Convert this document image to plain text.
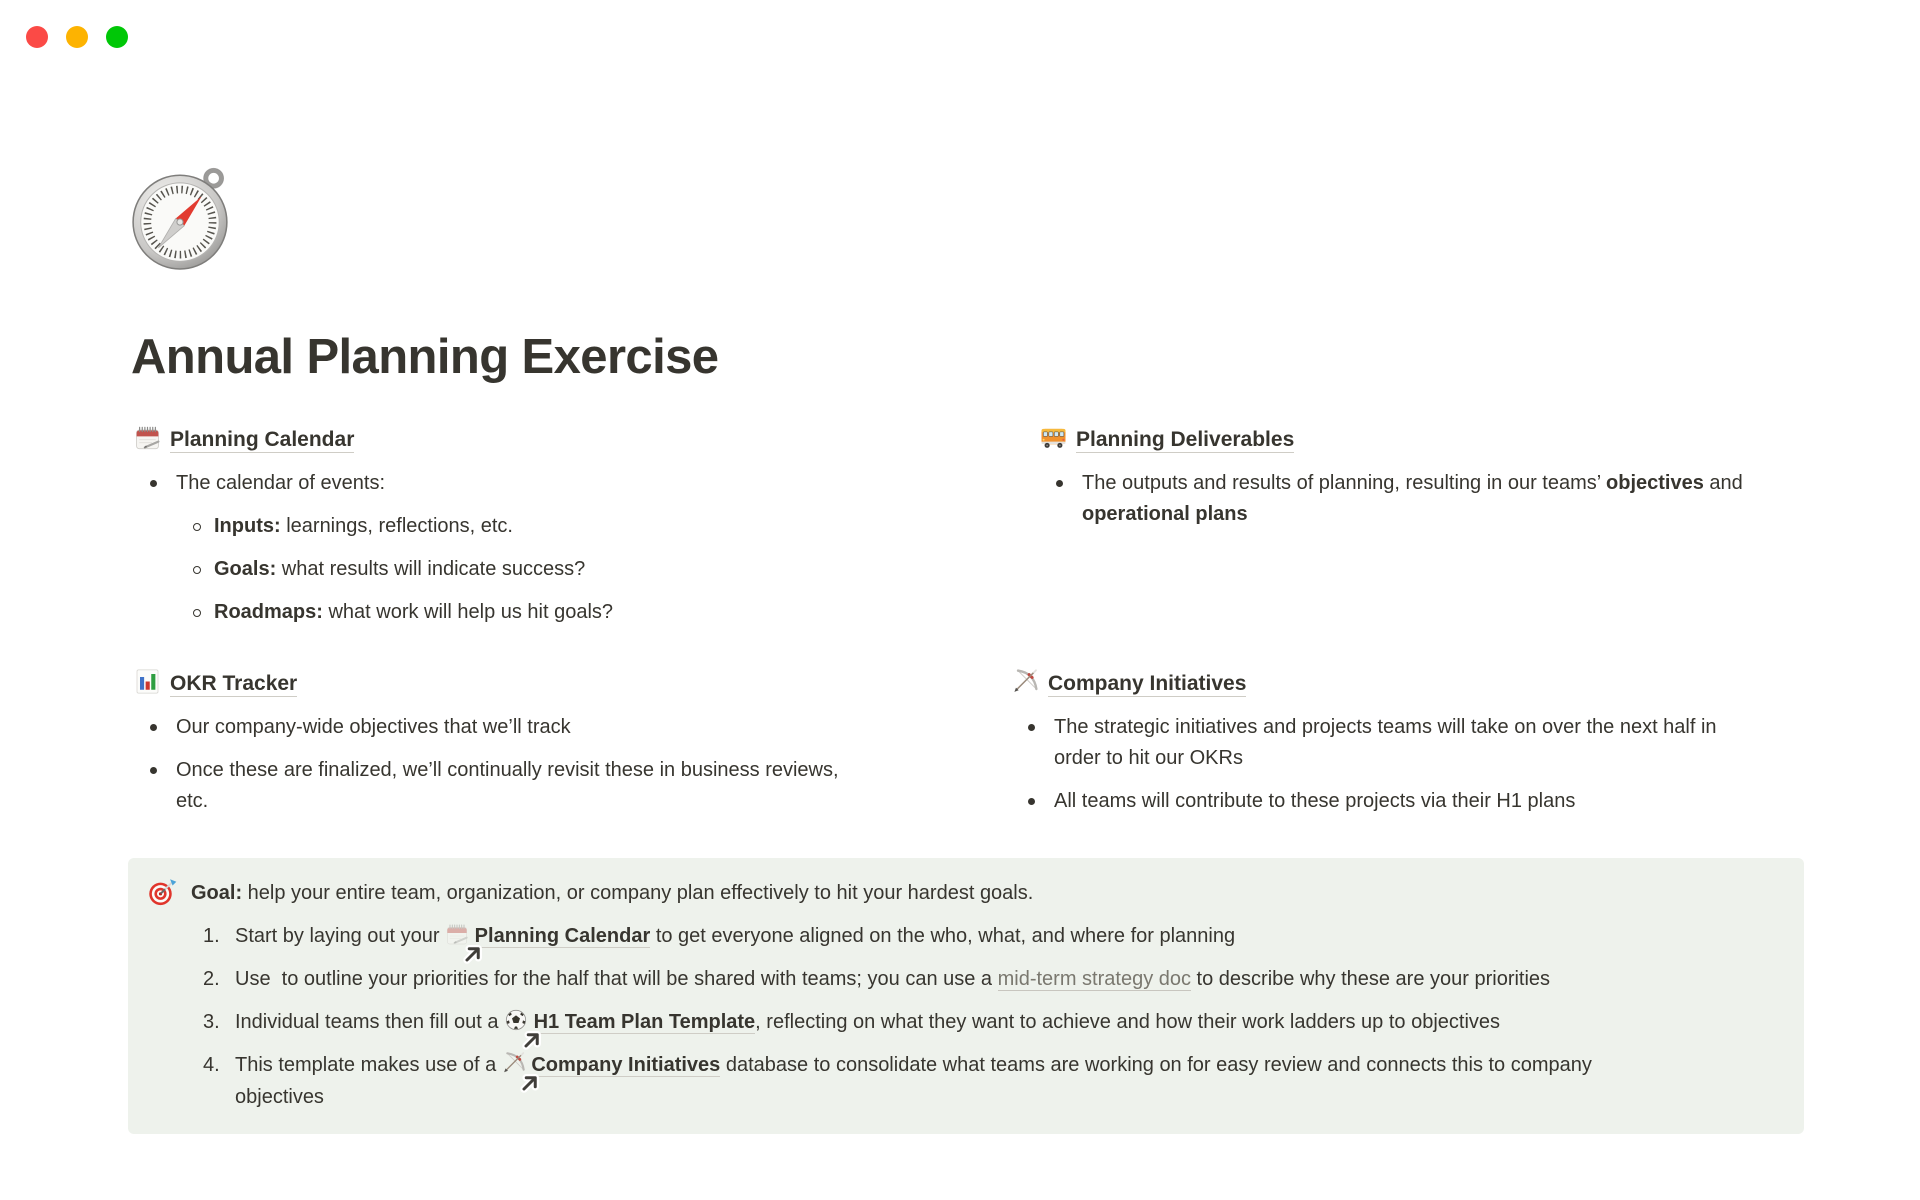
Annual Planning Exercise
Planning Calendar
The calendar of events:
Inputs: learnings, reflections, etc.
Goals: what results will indicate success?
Roadmaps: what work will help us hit goals?
Planning Deliverables
The outputs and results of planning, resulting in our teams’ objectives and
operational plans
OKR Tracker
Our company-wide objectives that we’ll track
Once these are finalized, we’ll continually revisit these in business reviews,
etc.
Company Initiatives
The strategic initiatives and projects teams will take on over the next half in
order to hit our OKRs
All teams will contribute to these projects via their H1 plans
Goal: help your entire team, organization, or company plan effectively to hit your hardest goals.
1. Start by laying out your
Planning Calendar to get everyone aligned on the who, what, and where for planning
2. Use  to outline your priorities for the half that will be shared with teams; you can use a mid-term strategy doc to describe why these are your priorities
3. Individual teams then fill out a
H1 Team Plan Template, reflecting on what they want to achieve and how their work ladders up to objectives
4. This template makes use of a
Company Initiatives database to consolidate what teams are working on for easy review and connects this to company
objectives
